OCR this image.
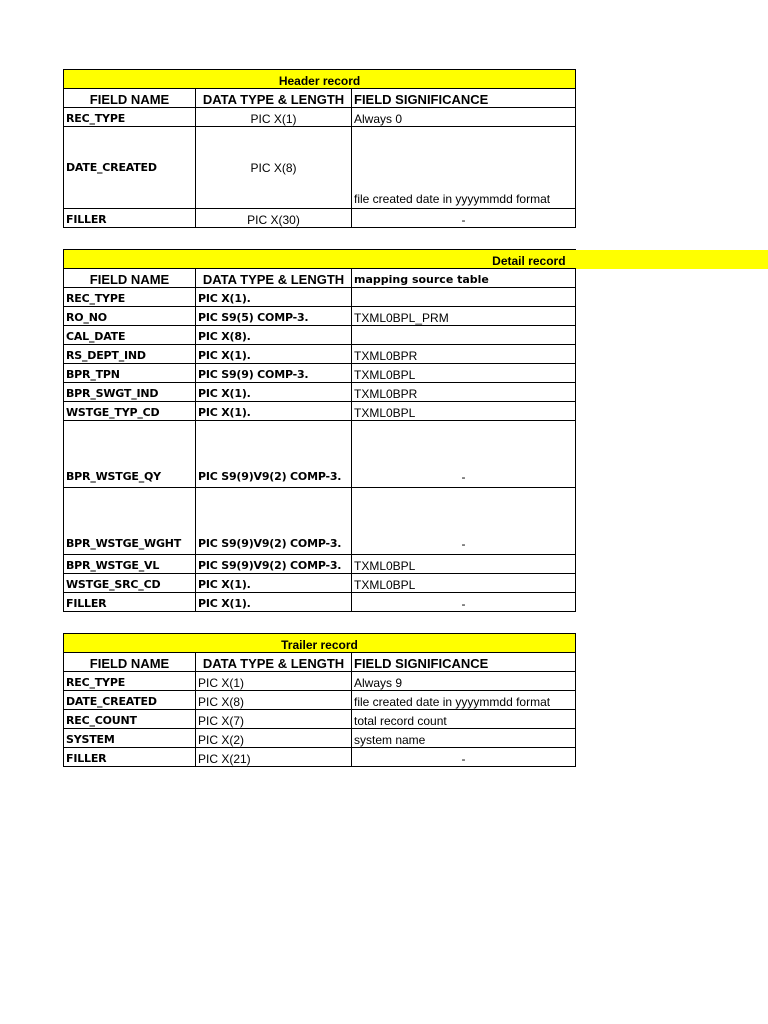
Header record		
FIELD NAME	DATA TYPE & LENGTH	FIELD SIGNIFICANCE
REC_TYPE	PIC X(1)	Always 0
DATE_CREATED	PIC X(8)	file created date in yyyymmdd format
FILLER	PIC X(30)	-
Detail record		
FIELD NAME	DATA TYPE & LENGTH	mapping source table
REC_TYPE	PIC X(1).	
RO_NO	PIC S9(5) COMP-3.	TXML0BPL_PRM
CAL_DATE	PIC X(8).	
RS_DEPT_IND	PIC X(1).	TXML0BPR
BPR_TPN	PIC S9(9) COMP-3.	TXML0BPL
BPR_SWGT_IND	PIC X(1).	TXML0BPR
WSTGE_TYP_CD	PIC X(1).	TXML0BPL
BPR_WSTGE_QY	PIC S9(9)V9(2) COMP-3.	-
BPR_WSTGE_WGHT	PIC S9(9)V9(2) COMP-3.	-
BPR_WSTGE_VL	PIC S9(9)V9(2) COMP-3.	TXML0BPL
WSTGE_SRC_CD	PIC X(1).	TXML0BPL
FILLER	PIC X(1).	-
Trailer record		
FIELD NAME	DATA TYPE & LENGTH	FIELD SIGNIFICANCE
REC_TYPE	PIC X(1)	Always 9
DATE_CREATED	PIC X(8)	file created date in yyyymmdd format
REC_COUNT	PIC X(7)	total record count
SYSTEM	PIC X(2)	system name
FILLER	PIC X(21)	-
